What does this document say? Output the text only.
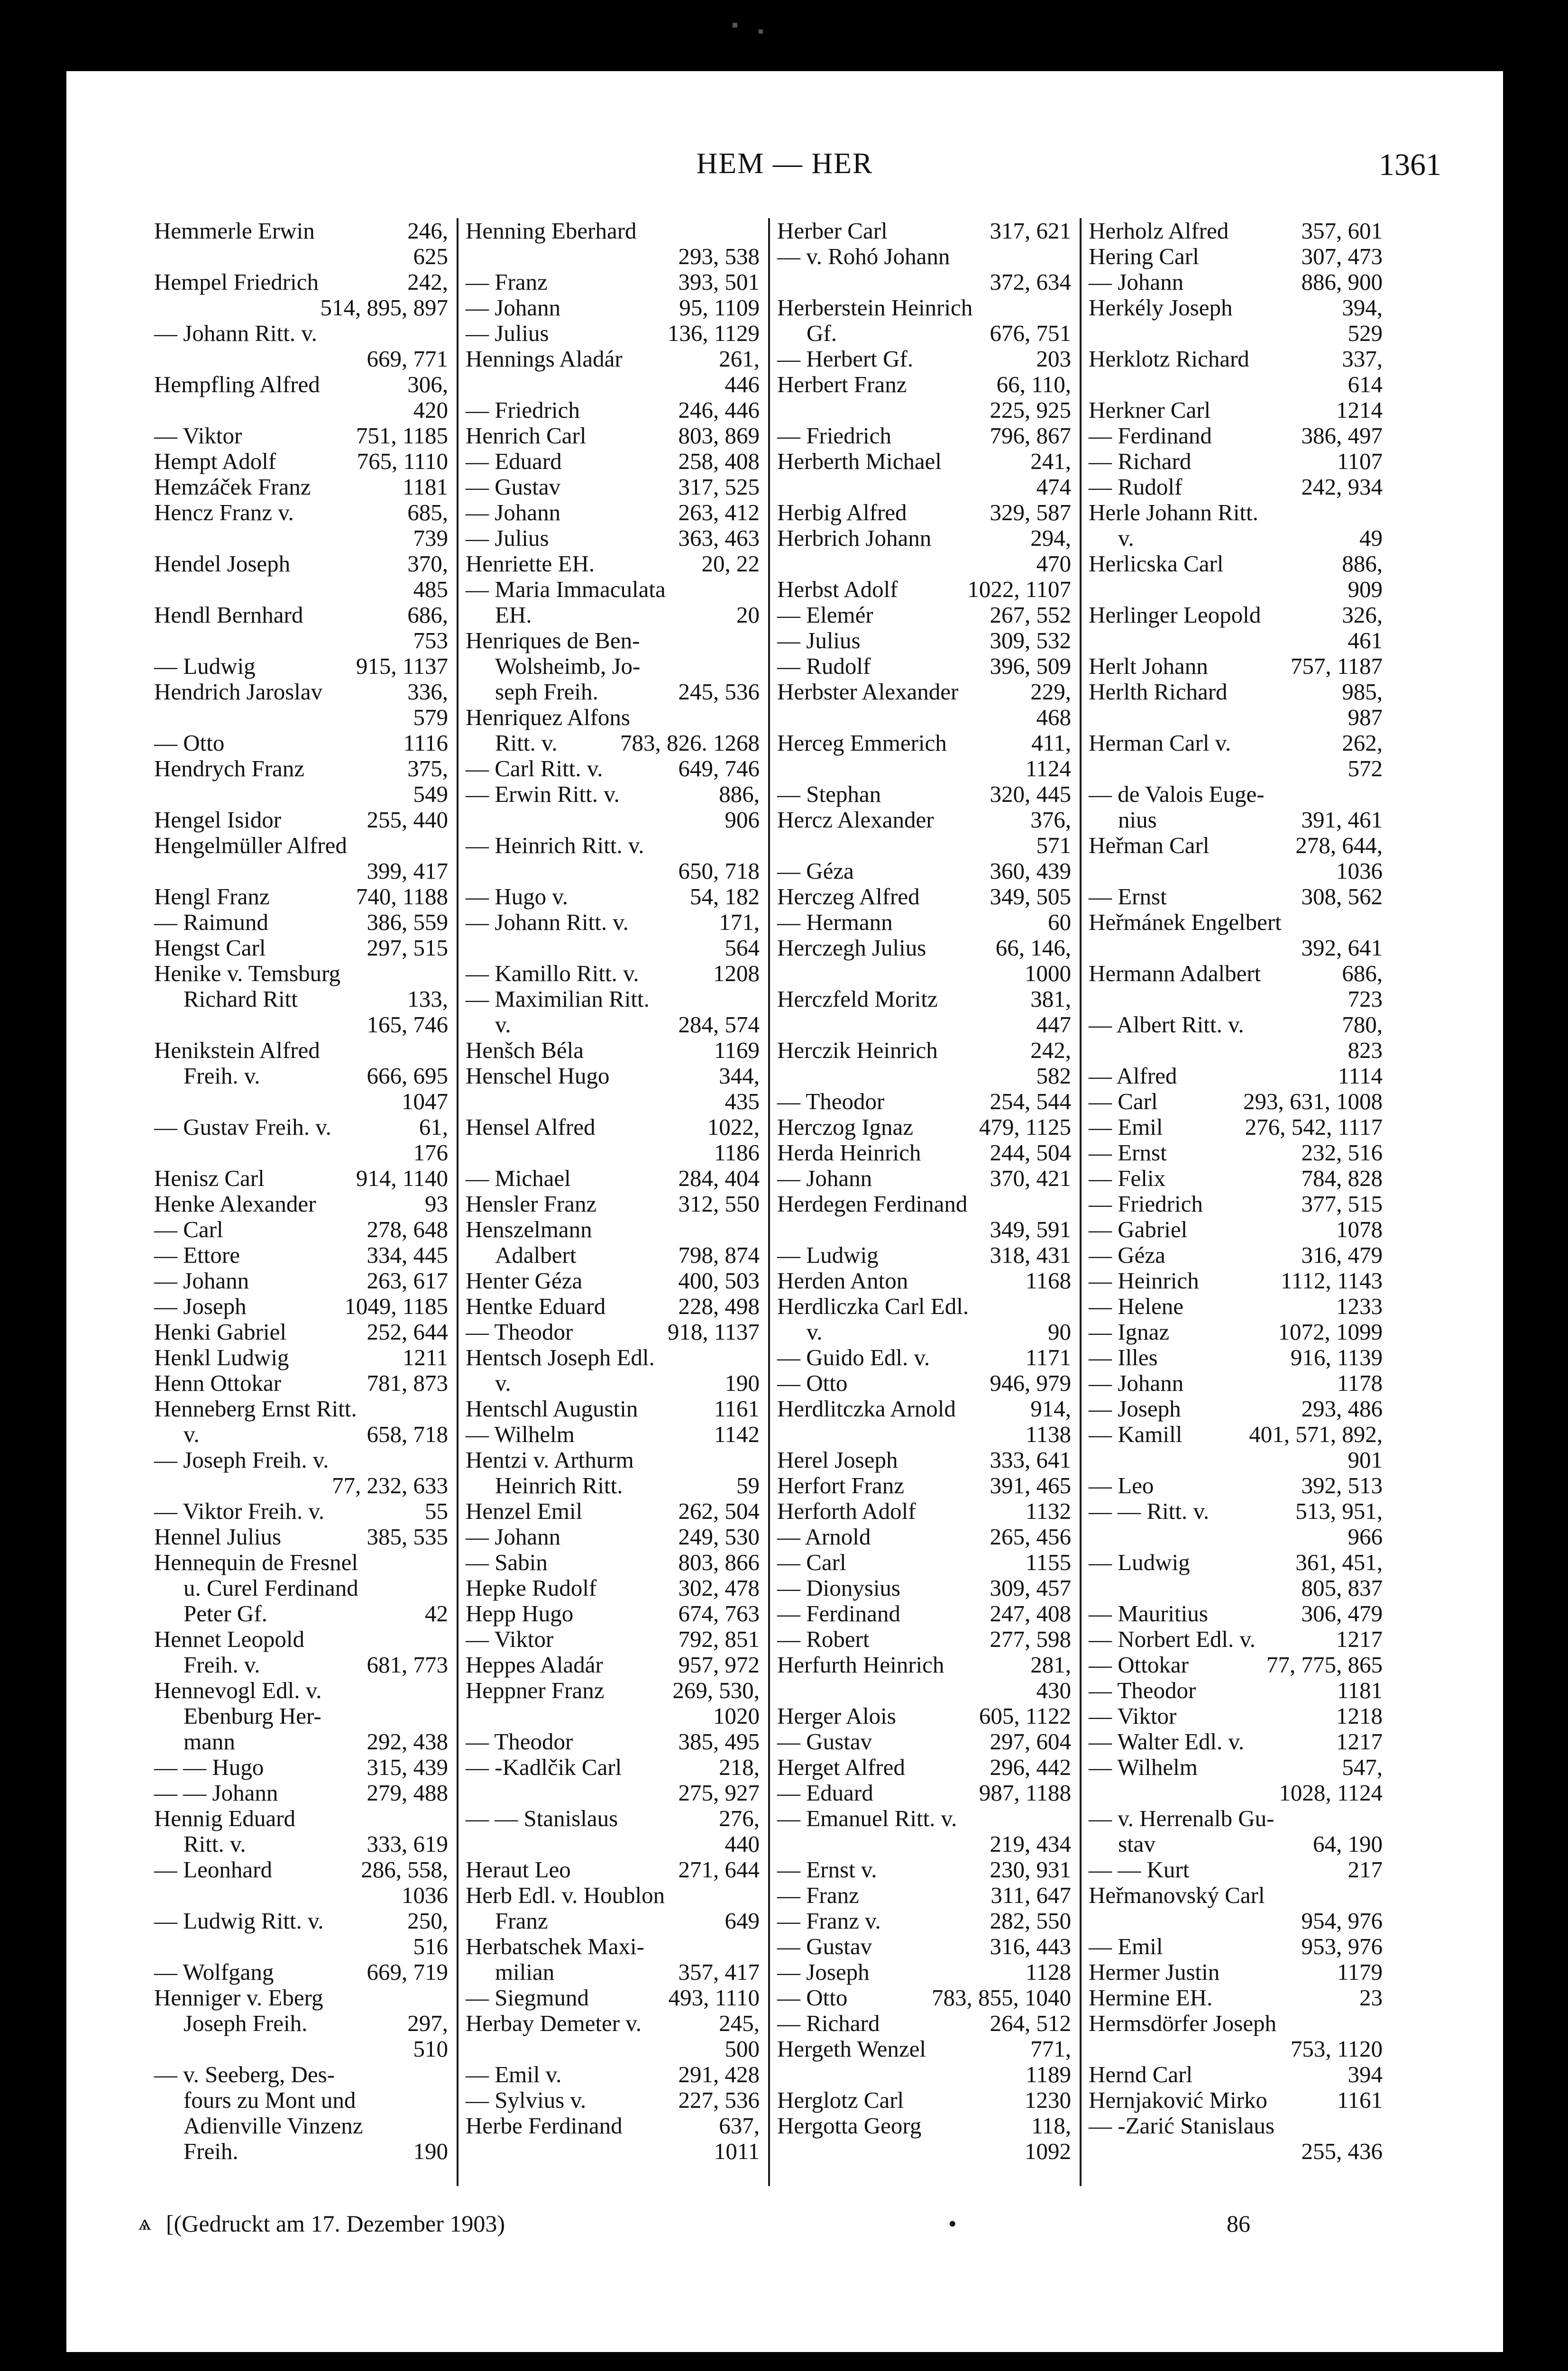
HEM — HER	1361
Hemmerle Erwin	246,
625
Hempel Friedrich	242,
514, 895, 897
— Johann Ritt. v.
669, 771
Hempfling Alfred	306,
420
— Viktor	751, 1185
Hempt Adolf	765, 1110
Hemzáček Franz	1181
Hencz Franz v.	685,
739
Hendel Joseph	370,
485
Hendl Bernhard	686,
753
— Ludwig	915, 1137
Hendrich Jaroslav	336,
579
— Otto	1116
Hendrych Franz	375,
549
Hengel Isidor	255, 440
Hengelmüller Alfred
399, 417
Hengl Franz	740, 1188
— Raimund	386, 559
Hengst Carl	297, 515
Henike v. Temsburg
Richard Ritt	133,
165, 746
Henikstein Alfred
Freih. v.	666, 695
1047
— Gustav Freih. v.	61,
176
Henisz Carl	914, 1140
Henke Alexander	93
— Carl	278, 648
— Ettore	334, 445
— Johann	263, 617
— Joseph	1049, 1185
Henki Gabriel	252, 644
Henkl Ludwig	1211
Henn Ottokar	781, 873
Henneberg Ernst Ritt.
v.	658, 718
— Joseph Freih. v.
77, 232, 633
— Viktor Freih. v.	55
Hennel Julius	385, 535
Hennequin de Fresnel
u. Curel Ferdinand
Peter Gf.	42
Hennet Leopold
Freih. v.	681, 773
Hennevogl Edl. v.
Ebenburg Her-
mann	292, 438
— — Hugo	315, 439
— — Johann	279, 488
Hennig Eduard
Ritt. v.	333, 619
— Leonhard	286, 558,
1036
— Ludwig Ritt. v.	250,
516
— Wolfgang	669, 719
Henniger v. Eberg
Joseph Freih.	297,
510
— v. Seeberg, Des-
fours zu Mont und
Adienville Vinzenz
Freih.	190
Henning Eberhard
293, 538
— Franz	393, 501
— Johann	95, 1109
— Julius	136, 1129
Hennings Aladár	261,
446
— Friedrich	246, 446
Henrich Carl	803, 869
— Eduard	258, 408
— Gustav	317, 525
— Johann	263, 412
— Julius	363, 463
Henriette EH.	20, 22
— Maria Immaculata
EH.	20
Henriques de Ben-
Wolsheimb, Jo-
seph Freih.	245, 536
Henriquez Alfons
Ritt. v.	783, 826. 1268
— Carl Ritt. v.	649, 746
— Erwin Ritt. v.	886,
906
— Heinrich Ritt. v.
650, 718
— Hugo v.	54, 182
— Johann Ritt. v.	171,
564
— Kamillo Ritt. v.	1208
— Maximilian Ritt.
v.	284, 574
Henšch Béla	1169
Henschel Hugo	344,
435
Hensel Alfred	1022,
1186
— Michael	284, 404
Hensler Franz	312, 550
Henszelmann
Adalbert	798, 874
Henter Géza	400, 503
Hentke Eduard	228, 498
— Theodor	918, 1137
Hentsch Joseph Edl.
v.	190
Hentschl Augustin	1161
— Wilhelm	1142
Hentzi v. Arthurm
Heinrich Ritt.	59
Henzel Emil	262, 504
— Johann	249, 530
— Sabin	803, 866
Hepke Rudolf	302, 478
Hepp Hugo	674, 763
— Viktor	792, 851
Heppes Aladár	957, 972
Heppner Franz	269, 530,
1020
— Theodor	385, 495
— -Kadlčik Carl	218,
275, 927
— — Stanislaus	276,
440
Heraut Leo	271, 644
Herb Edl. v. Houblon
Franz	649
Herbatschek Maxi-
milian	357, 417
— Siegmund	493, 1110
Herbay Demeter v.	245,
500
— Emil v.	291, 428
— Sylvius v.	227, 536
Herbe Ferdinand	637,
1011
Herber Carl	317, 621
— v. Rohó Johann
372, 634
Herberstein Heinrich
Gf.	676, 751
— Herbert Gf.	203
Herbert Franz	66, 110,
225, 925
— Friedrich	796, 867
Herberth Michael	241,
474
Herbig Alfred	329, 587
Herbrich Johann	294,
470
Herbst Adolf	1022, 1107
— Elemér	267, 552
— Julius	309, 532
— Rudolf	396, 509
Herbster Alexander	229,
468
Herceg Emmerich	411,
1124
— Stephan	320, 445
Hercz Alexander	376,
571
— Géza	360, 439
Herczeg Alfred	349, 505
— Hermann	60
Herczegh Julius	66, 146,
1000
Herczfeld Moritz	381,
447
Herczik Heinrich	242,
582
— Theodor	254, 544
Herczog Ignaz	479, 1125
Herda Heinrich	244, 504
— Johann	370, 421
Herdegen Ferdinand
349, 591
— Ludwig	318, 431
Herden Anton	1168
Herdliczka Carl Edl.
v.	90
— Guido Edl. v.	1171
— Otto	946, 979
Herdlitczka Arnold	914,
1138
Herel Joseph	333, 641
Herfort Franz	391, 465
Herforth Adolf	1132
— Arnold	265, 456
— Carl	1155
— Dionysius	309, 457
— Ferdinand	247, 408
— Robert	277, 598
Herfurth Heinrich	281,
430
Herger Alois	605, 1122
— Gustav	297, 604
Herget Alfred	296, 442
— Eduard	987, 1188
— Emanuel Ritt. v.
219, 434
— Ernst v.	230, 931
— Franz	311, 647
— Franz v.	282, 550
— Gustav	316, 443
— Joseph	1128
— Otto	783, 855, 1040
— Richard	264, 512
Hergeth Wenzel	771,
1189
Herglotz Carl	1230
Hergotta Georg	118,
1092
Herholz Alfred	357, 601
Hering Carl	307, 473
— Johann	886, 900
Herkély Joseph	394,
529
Herklotz Richard	337,
614
Herkner Carl	1214
— Ferdinand	386, 497
— Richard	1107
— Rudolf	242, 934
Herle Johann Ritt.
v.	49
Herlicska Carl	886,
909
Herlinger Leopold	326,
461
Herlt Johann	757, 1187
Herlth Richard	985,
987
Herman Carl v.	262,
572
— de Valois Euge-
nius	391, 461
Heřman Carl	278, 644,
1036
— Ernst	308, 562
Heřmánek Engelbert
392, 641
Hermann Adalbert	686,
723
— Albert Ritt. v.	780,
823
— Alfred	1114
— Carl	293, 631, 1008
— Emil	276, 542, 1117
— Ernst	232, 516
— Felix	784, 828
— Friedrich	377, 515
— Gabriel	1078
— Géza	316, 479
— Heinrich	1112, 1143
— Helene	1233
— Ignaz	1072, 1099
— Illes	916, 1139
— Johann	1178
— Joseph	293, 486
— Kamill	401, 571, 892,
901
— Leo	392, 513
— — Ritt. v.	513, 951,
966
— Ludwig	361, 451,
805, 837
— Mauritius	306, 479
— Norbert Edl. v.	1217
— Ottokar	77, 775, 865
— Theodor	1181
— Viktor	1218
— Walter Edl. v.	1217
— Wilhelm	547,
1028, 1124
— v. Herrenalb Gu-
stav	64, 190
— — Kurt	217
Heřmanovský Carl
954, 976
— Emil	953, 976
Hermer Justin	1179
Hermine EH.	23
Hermsdörfer Joseph
753, 1120
Hernd Carl	394
Hernjaković Mirko	1161
— -Zarić Stanislaus
255, 436
ѧ [(Gedruckt am 17. Dezember 1903)	•	86
